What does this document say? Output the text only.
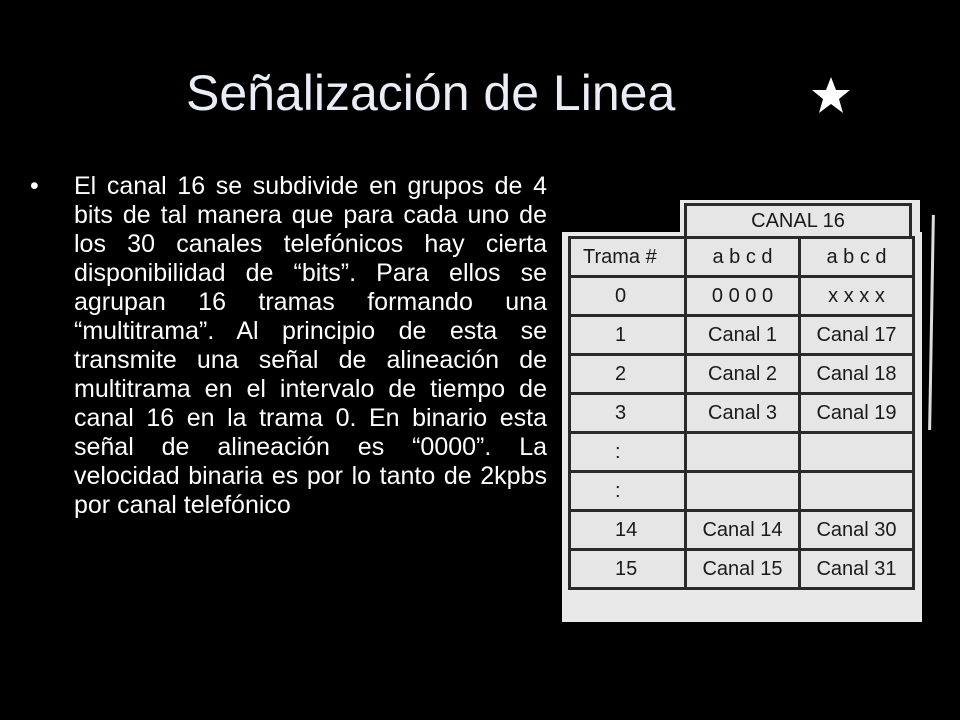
Señalización de Linea
• El canal 16 se subdivide en grupos de 4 bits de tal manera que para cada uno de los 30 canales telefónicos hay cierta disponibilidad de “bits”. Para ellos se agrupan 16 tramas formando una “multitrama”. Al principio de esta se transmite una señal de alineación de multitrama en el intervalo de tiempo de canal 16 en la trama 0. En binario esta señal de alineación es “0000”. La velocidad binaria es por lo tanto de 2kpbs por canal telefónico

CANAL 16
Trama #	a b c d	a b c d
0	0 0 0 0	x x x x
1	Canal 1	Canal 17
2	Canal 2	Canal 18
3	Canal 3	Canal 19
:		
:		
14	Canal 14	Canal 30
15	Canal 15	Canal 31
